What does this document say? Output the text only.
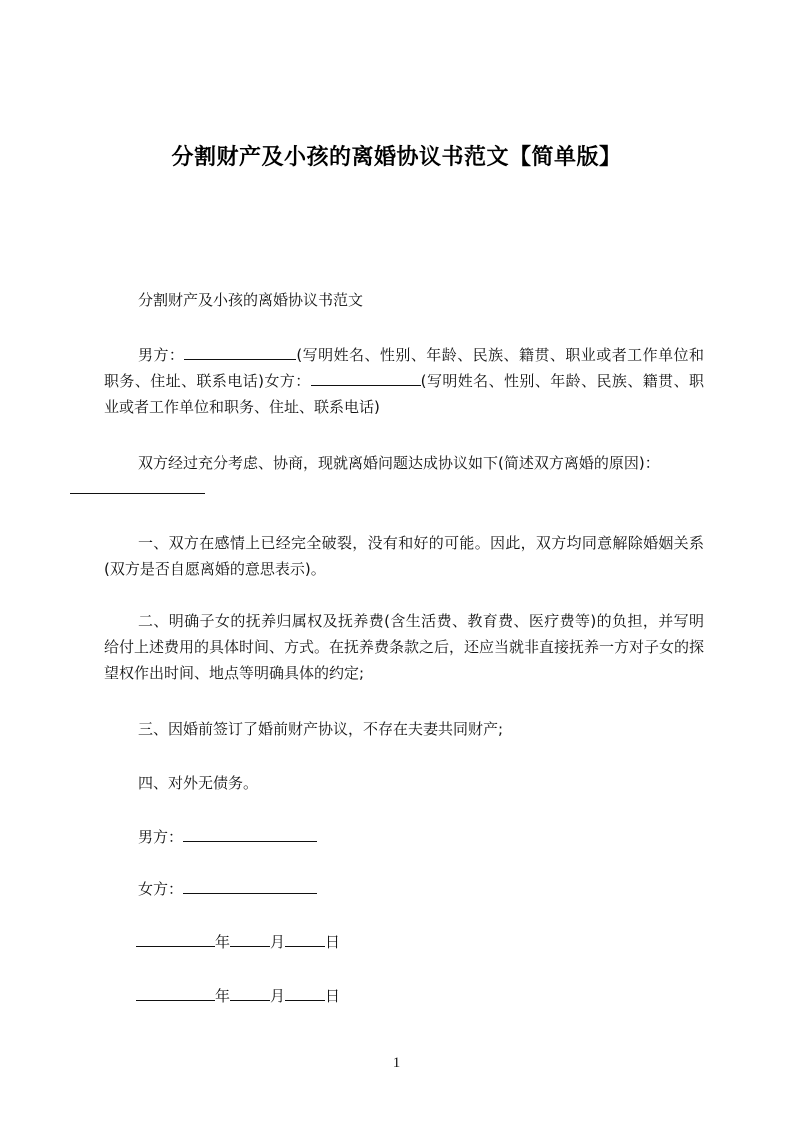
分割财产及小孩的离婚协议书范文【简单版】
分割财产及小孩的离婚协议书范文
男方：	(写明姓名、性别、年龄、民族、籍贯、职业或者工作单位和职务、住址、联系电话)女方：	(写明姓名、性别、年龄、民族、籍贯、职业或者工作单位和职务、住址、联系电话)
双方经过充分考虑、协商，现就离婚问题达成协议如下(简述双方离婚的原因)：

一、双方在感情上已经完全破裂，没有和好的可能。因此，双方均同意解除婚姻关系(双方是否自愿离婚的意思表示)。
二、明确子女的抚养归属权及抚养费(含生活费、教育费、医疗费等)的负担，并写明给付上述费用的具体时间、方式。在抚养费条款之后，还应当就非直接抚养一方对子女的探望权作出时间、地点等明确具体的约定;
三、因婚前签订了婚前财产协议，不存在夫妻共同财产;
四、对外无债务。
男方：
女方：
年	月	日
年	月	日
1
